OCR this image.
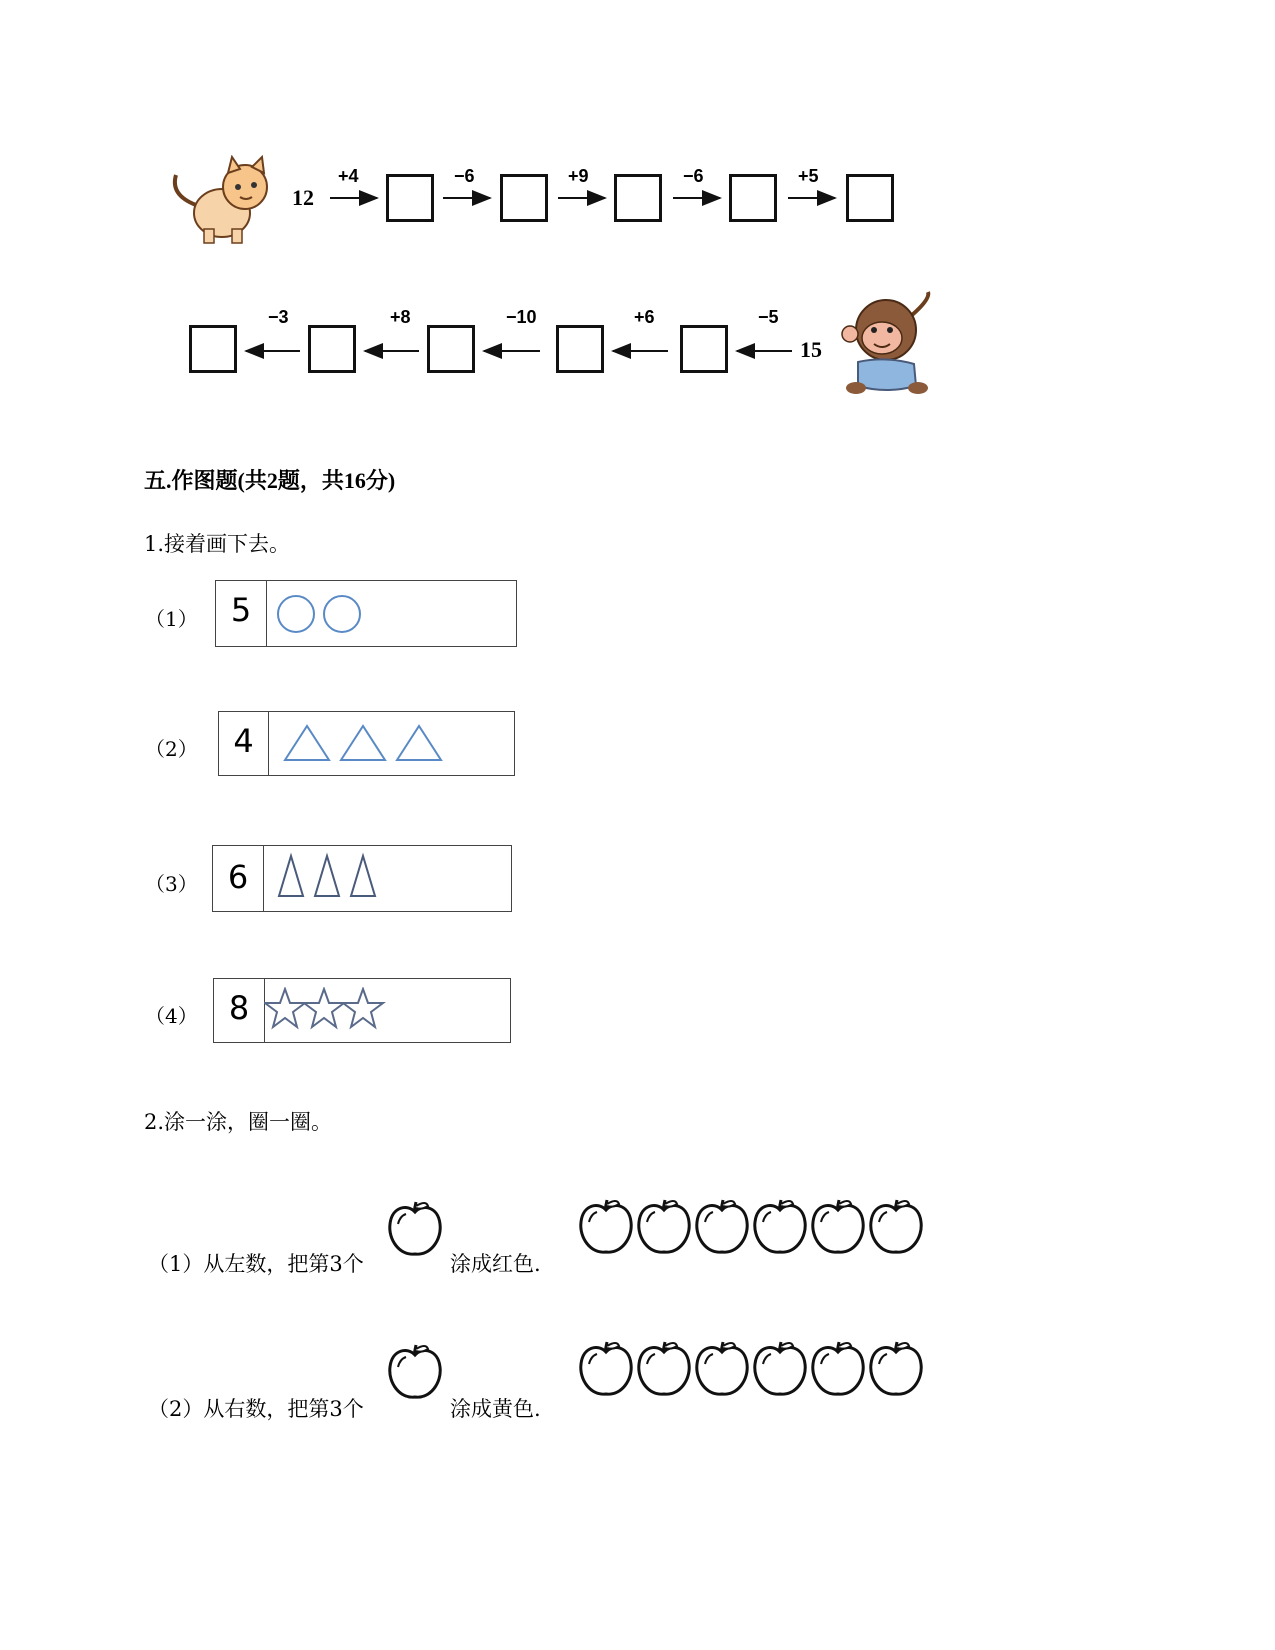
12
+4	−6	+9	−6	+5
−3	+8	−10	+6	−5
15
五.作图题(共2题，共16分)
1.接着画下去。
（1）	5
（2）	4
（3） 6
（4） 8
2.涂一涂，圈一圈。
（1）从左数，把第3个	涂成红色.
（2）从右数，把第3个	涂成黄色.
